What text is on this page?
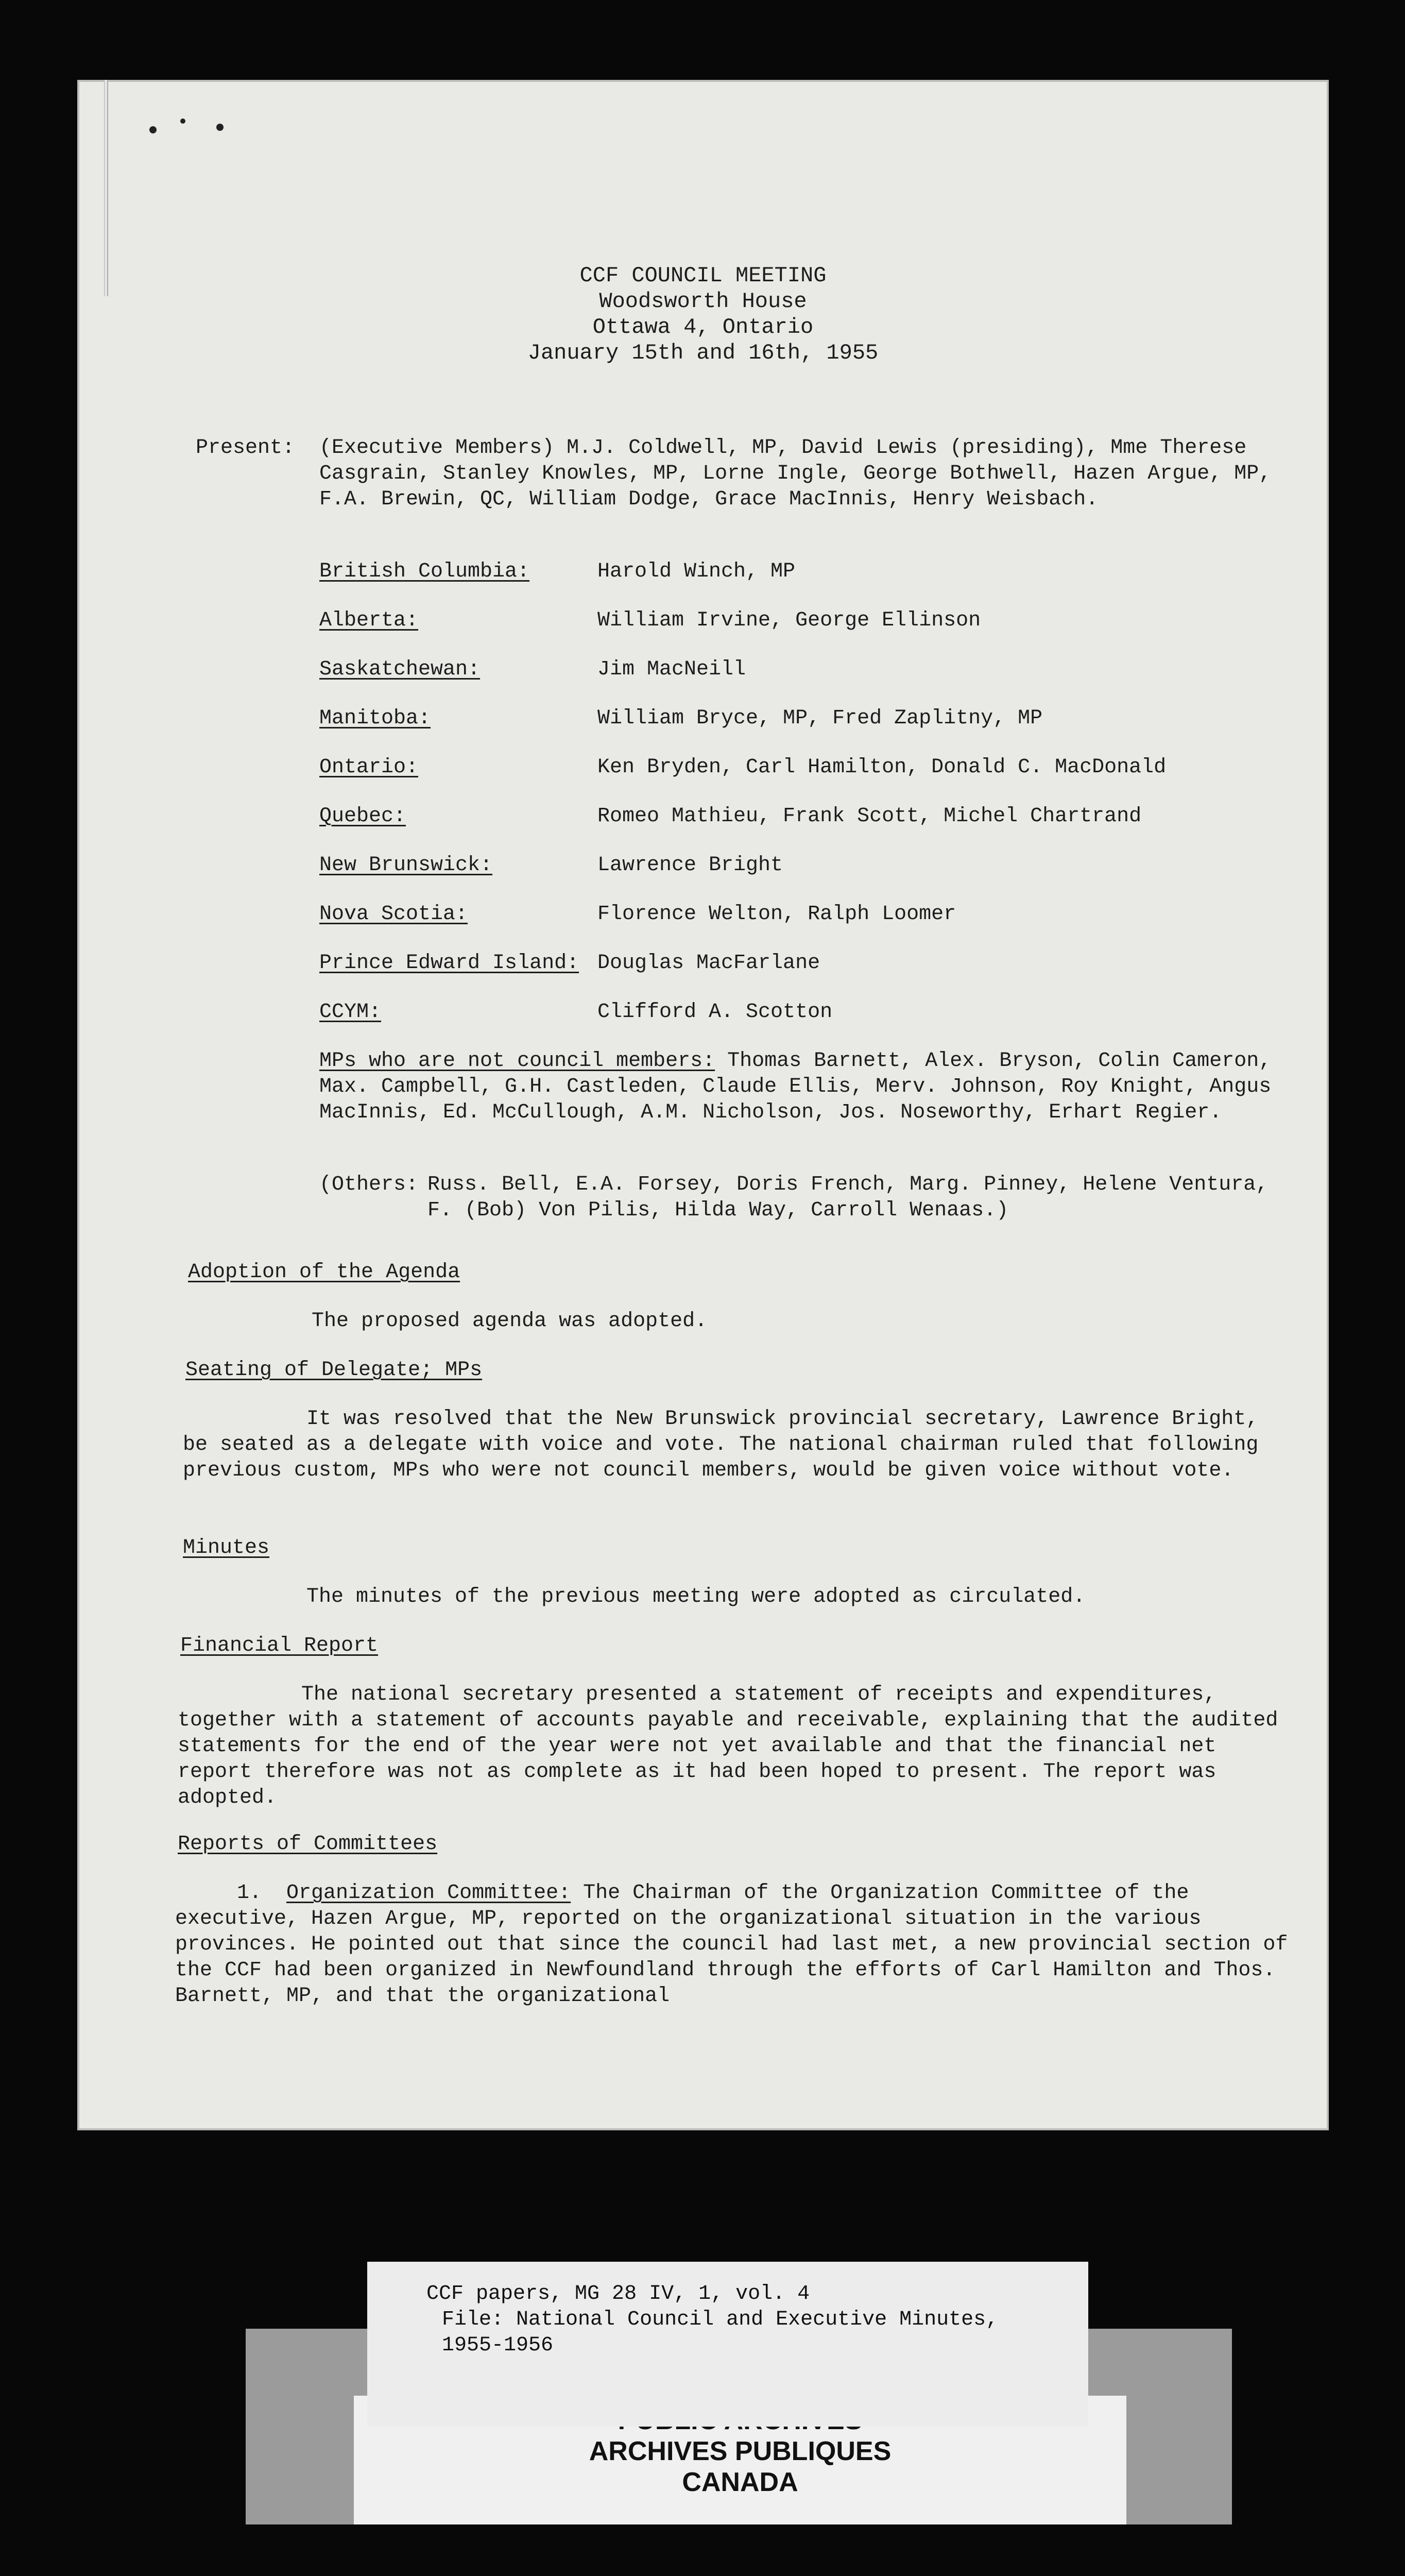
CCF COUNCIL MEETING
Woodsworth House
Ottawa 4, Ontario
January 15th and 16th, 1955
Present: (Executive Members) M.J. Coldwell, MP, David Lewis (presiding), Mme Therese Casgrain, Stanley Knowles, MP, Lorne Ingle, George Bothwell, Hazen Argue, MP, F.A. Brewin, QC, William Dodge, Grace MacInnis, Henry Weisbach.
British Columbia:	Harold Winch, MP
Alberta:	William Irvine, George Ellinson
Saskatchewan:	Jim MacNeill
Manitoba:	William Bryce, MP, Fred Zaplitny, MP
Ontario:	Ken Bryden, Carl Hamilton, Donald C. MacDonald
Quebec:	Romeo Mathieu, Frank Scott, Michel Chartrand
New Brunswick:	Lawrence Bright
Nova Scotia:	Florence Welton, Ralph Loomer
Prince Edward Island: Douglas MacFarlane
CCYM:	Clifford A. Scotton
MPs who are not council members: Thomas Barnett, Alex. Bryson, Colin Cameron, Max. Campbell, G.H. Castleden, Claude Ellis, Merv. Johnson, Roy Knight, Angus MacInnis, Ed. McCullough, A.M. Nicholson, Jos. Noseworthy, Erhart Regier.
(Others: Russ. Bell, E.A. Forsey, Doris French, Marg. Pinney, Helene Ventura, F. (Bob) Von Pilis, Hilda Way, Carroll Wenaas.)
Adoption of the Agenda
The proposed agenda was adopted.
Seating of Delegate; MPs
It was resolved that the New Brunswick provincial secretary, Lawrence Bright, be seated as a delegate with voice and vote. The national chairman ruled that following previous custom, MPs who were not council members, would be given voice without vote.
Minutes
The minutes of the previous meeting were adopted as circulated.
Financial Report
The national secretary presented a statement of receipts and expenditures, together with a statement of accounts payable and receivable, explaining that the audited statements for the end of the year were not yet available and that the financial net report therefore was not as complete as it had been hoped to present. The report was adopted.
Reports of Committees
1. Organization Committee: The Chairman of the Organization Committee of the executive, Hazen Argue, MP, reported on the organizational situation in the various provinces. He pointed out that since the council had last met, a new provincial section of the CCF had been organized in Newfoundland through the efforts of Carl Hamilton and Thos. Barnett, MP, and that the organizational
ARCHIVES PUBLIQUES
CANADA
CCF papers, MG 28 IV, 1, vol. 4
File: National Council and Executive Minutes,
1955-1956
